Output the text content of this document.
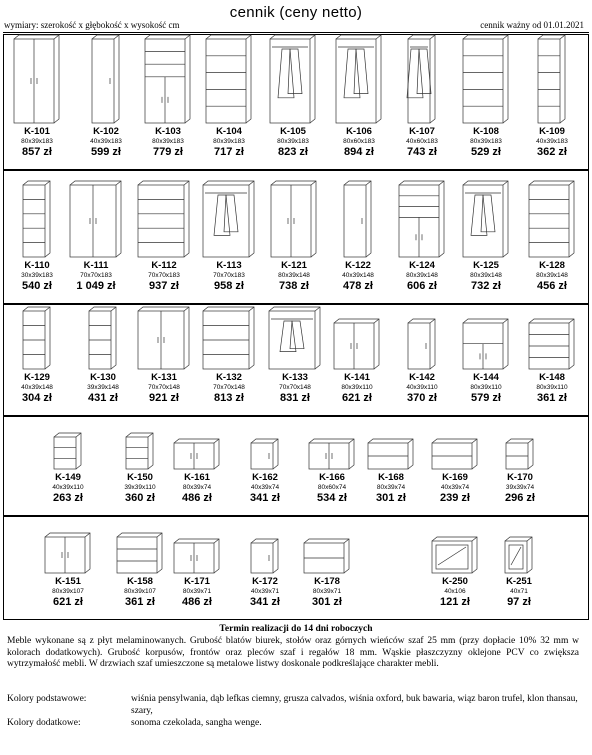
cennik (ceny netto)
wymiary: szerokość x głębokość x wysokość cm	cennik ważny od 01.01.2021
K-101
80x39x183
857 zł
K-102
40x39x183
599 zł
K-103
80x39x183
779 zł
K-104
80x39x183
717 zł
K-105
80x39x183
823 zł
K-106
80x60x183
894 zł
K-107
40x60x183
743 zł
K-108
80x39x183
529 zł
K-109
40x39x183
362 zł
K-110
30x39x183
540 zł
K-111
70x70x183
1 049 zł
K-112
70x70x183
937 zł
K-113
70x70x183
958 zł
K-121
80x39x148
738 zł
K-122
40x39x148
478 zł
K-124
80x39x148
606 zł
K-125
80x39x148
732 zł
K-128
80x39x148
456 zł
K-129
40x39x148
304 zł
K-130
39x39x148
431 zł
K-131
70x70x148
921 zł
K-132
70x70x148
813 zł
K-133
70x70x148
831 zł
K-141
80x39x110
621 zł
K-142
40x39x110
370 zł
K-144
80x39x110
579 zł
K-148
80x39x110
361 zł
K-149
40x39x110
263 zł
K-150
39x39x110
360 zł
K-161
80x39x74
486 zł
K-162
40x39x74
341 zł
K-166
80x60x74
534 zł
K-168
80x39x74
301 zł
K-169
40x39x74
239 zł
K-170
39x39x74
296 zł
K-151
80x39x107
621 zł
K-158
80x39x107
361 zł
K-171
80x39x71
486 zł
K-172
40x39x71
341 zł
K-178
80x39x71
301 zł
K-250
40x106
121 zł
K-251
40x71
97 zł
Termin realizacji do 14 dni roboczych
Meble wykonane są z płyt melaminowanych. Grubość blatów biurek, stołów oraz górnych wieńców szaf 25 mm (przy dopłacie 10% 32 mm w kolorach dodatkowych). Grubość korpusów, frontów oraz pleców szaf i regałów 18 mm. Wąskie płaszczyzny oklejone PCV co zwiększa wytrzymałość mebli. W drzwiach szaf umieszczone są metalowe listwy doskonale podkreślające charakter mebli.
Kolory podstawowe:	wiśnia pensylwania, dąb lefkas ciemny, grusza calvados, wiśnia oxford, buk bawaria, wiąz baron trufel, klon thansau, szary,
Kolory dodatkowe:	sonoma czekolada, sangha wenge.
